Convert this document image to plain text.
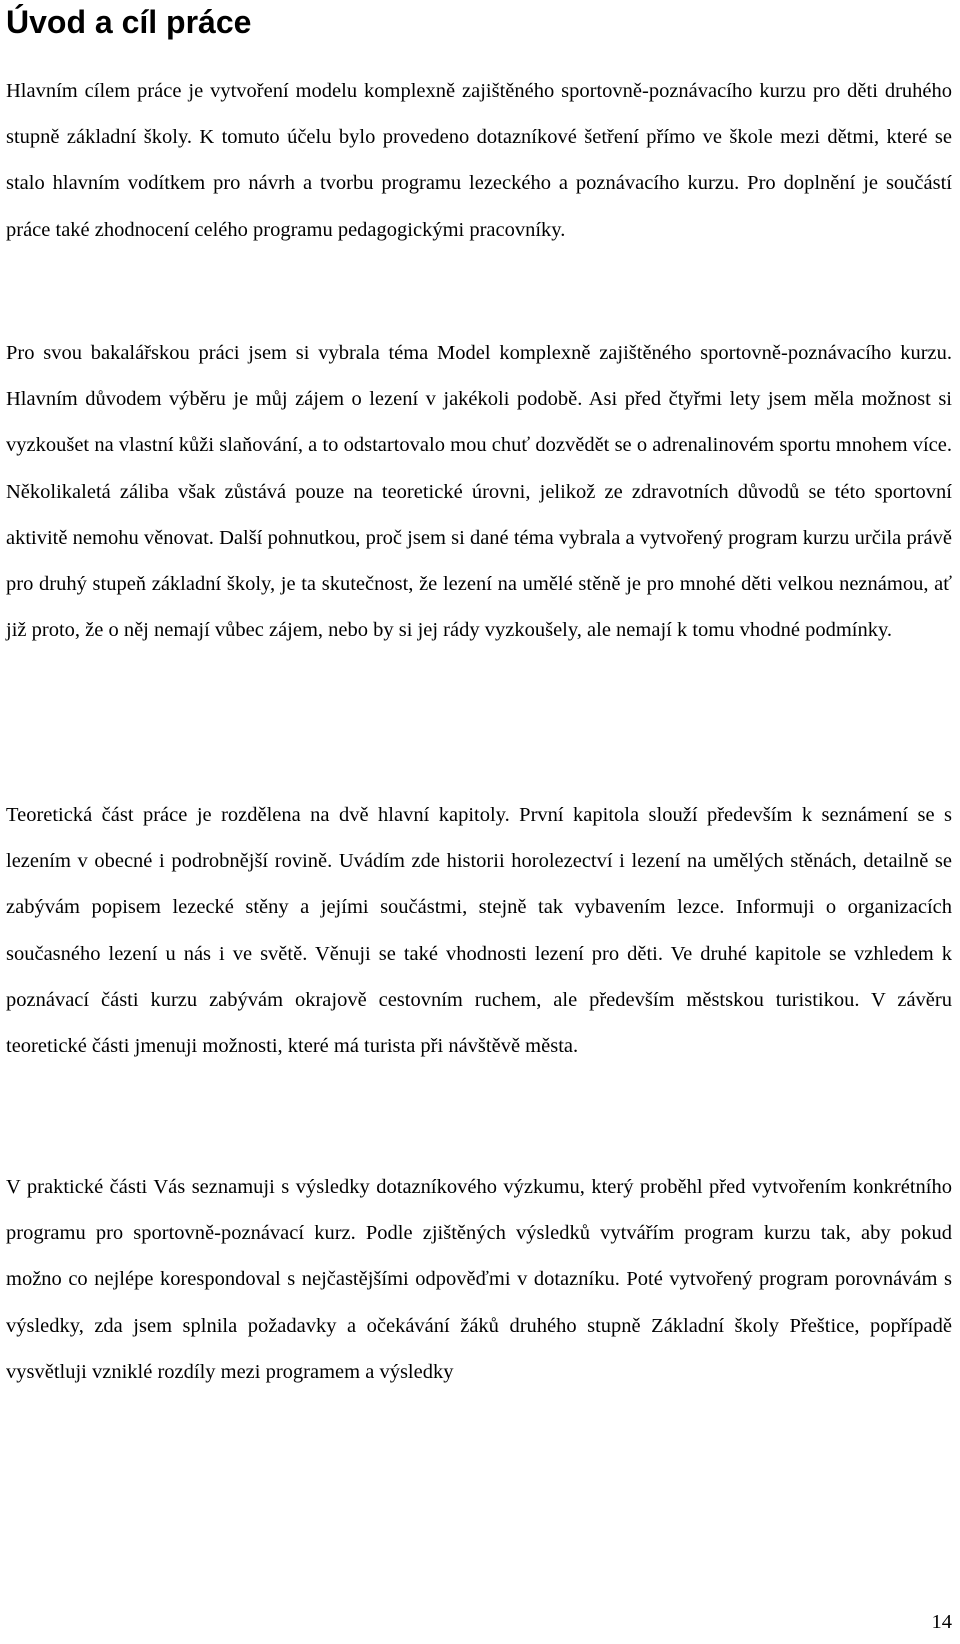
Úvod a cíl práce

Hlavním cílem práce je vytvoření modelu komplexně zajištěného sportovně-poznávacího kurzu pro děti druhého stupně základní školy. K tomuto účelu bylo provedeno dotazníkové šetření přímo ve škole mezi dětmi, které se stalo hlavním vodítkem pro návrh a tvorbu programu lezeckého a poznávacího kurzu. Pro doplnění je součástí práce také zhodnocení celého programu pedagogickými pracovníky.

Pro svou bakalářskou práci jsem si vybrala téma Model komplexně zajištěného sportovně-poznávacího kurzu. Hlavním důvodem výběru je můj zájem o lezení v jakékoli podobě. Asi před čtyřmi lety jsem měla možnost si vyzkoušet na vlastní kůži slaňování, a to odstartovalo mou chuť dozvědět se o adrenalinovém sportu mnohem více. Několikaletá záliba však zůstává pouze na teoretické úrovni, jelikož ze zdravotních důvodů se této sportovní aktivitě nemohu věnovat. Další pohnutkou, proč jsem si dané téma vybrala a vytvořený program kurzu určila právě pro druhý stupeň základní školy, je ta skutečnost, že lezení na umělé stěně je pro mnohé děti velkou neznámou, ať již proto, že o něj nemají vůbec zájem, nebo by si jej rády vyzkoušely, ale nemají k tomu vhodné podmínky.

Teoretická část práce je rozdělena na dvě hlavní kapitoly. První kapitola slouží především k seznámení se s lezením v obecné i podrobnější rovině. Uvádím zde historii horolezectví i lezení na umělých stěnách, detailně se zabývám popisem lezecké stěny a jejími součástmi, stejně tak vybavením lezce. Informuji o organizacích současného lezení u nás i ve světě. Věnuji se také vhodnosti lezení pro děti. Ve druhé kapitole se vzhledem k poznávací části kurzu zabývám okrajově cestovním ruchem, ale především městskou turistikou. V závěru teoretické části jmenuji možnosti, které má turista při návštěvě města.

V praktické části Vás seznamuji s výsledky dotazníkového výzkumu, který proběhl před vytvořením konkrétního programu pro sportovně-poznávací kurz. Podle zjištěných výsledků vytvářím program kurzu tak, aby pokud možno co nejlépe korespondoval s nejčastějšími odpověďmi v dotazníku. Poté vytvořený program porovnávám s výsledky, zda jsem splnila požadavky a očekávání žáků druhého stupně Základní školy Přeštice, popřípadě vysvětluji vzniklé rozdíly mezi programem a výsledky

14
